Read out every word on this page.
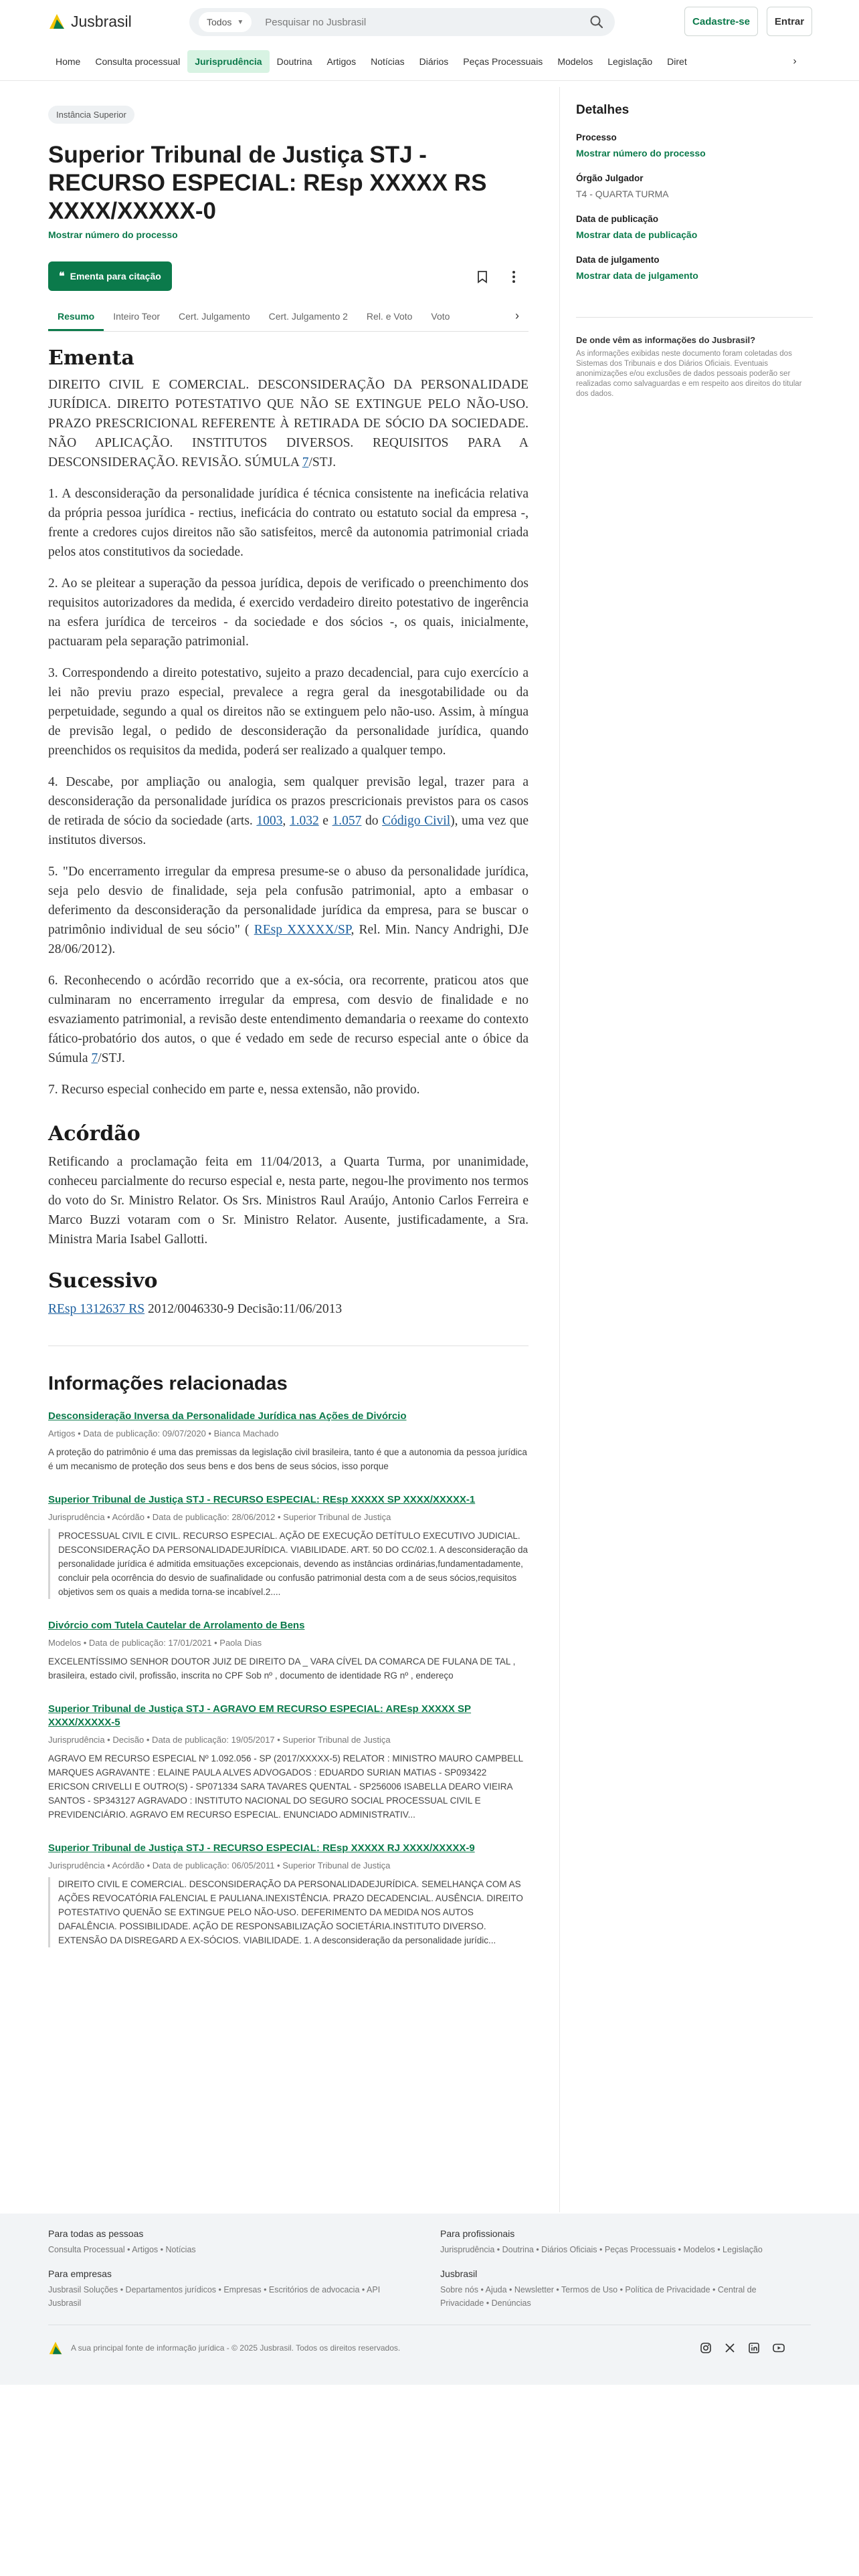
Jusbrasil	Todos ▼
Pesquisar no Jusbrasil	Cadastre-se	Entrar
Home	Consulta processual	Jurisprudência	Doutrina	Artigos	Notícias	Diários	Peças Processuais	Modelos	Legislação	Diret	›
Instância Superior
Superior Tribunal de Justiça STJ - RECURSO ESPECIAL: REsp XXXXX RS XXXX/XXXXX-0
Mostrar número do processo
❝ Ementa para citação
Resumo	Inteiro Teor	Cert. Julgamento	Cert. Julgamento 2	Rel. e Voto	Voto	›
Ementa

DIREITO CIVIL E COMERCIAL. DESCONSIDERAÇÃO DA PERSONALIDADE JURÍDICA. DIREITO POTESTATIVO QUE NÃO SE EXTINGUE PELO NÃO-USO. PRAZO PRESCRICIONAL REFERENTE À RETIRADA DE SÓCIO DA SOCIEDADE. NÃO APLICAÇÃO. INSTITUTOS DIVERSOS. REQUISITOS PARA A DESCONSIDERAÇÃO. REVISÃO. SÚMULA 7/STJ.

1. A desconsideração da personalidade jurídica é técnica consistente na ineficácia relativa da própria pessoa jurídica - rectius, ineficácia do contrato ou estatuto social da empresa -, frente a credores cujos direitos não são satisfeitos, mercê da autonomia patrimonial criada pelos atos constitutivos da sociedade.

2. Ao se pleitear a superação da pessoa jurídica, depois de verificado o preenchimento dos requisitos autorizadores da medida, é exercido verdadeiro direito potestativo de ingerência na esfera jurídica de terceiros - da sociedade e dos sócios -, os quais, inicialmente, pactuaram pela separação patrimonial.

3. Correspondendo a direito potestativo, sujeito a prazo decadencial, para cujo exercício a lei não previu prazo especial, prevalece a regra geral da inesgotabilidade ou da perpetuidade, segundo a qual os direitos não se extinguem pelo não-uso. Assim, à míngua de previsão legal, o pedido de desconsideração da personalidade jurídica, quando preenchidos os requisitos da medida, poderá ser realizado a qualquer tempo.

4. Descabe, por ampliação ou analogia, sem qualquer previsão legal, trazer para a desconsideração da personalidade jurídica os prazos prescricionais previstos para os casos de retirada de sócio da sociedade (arts. 1003, 1.032 e 1.057 do Código Civil), uma vez que institutos diversos.

5. "Do encerramento irregular da empresa presume-se o abuso da personalidade jurídica, seja pelo desvio de finalidade, seja pela confusão patrimonial, apto a embasar o deferimento da desconsideração da personalidade jurídica da empresa, para se buscar o patrimônio individual de seu sócio" ( REsp XXXXX/SP, Rel. Min. Nancy Andrighi, DJe 28/06/2012).

6. Reconhecendo o acórdão recorrido que a ex-sócia, ora recorrente, praticou atos que culminaram no encerramento irregular da empresa, com desvio de finalidade e no esvaziamento patrimonial, a revisão deste entendimento demandaria o reexame do contexto fático-probatório dos autos, o que é vedado em sede de recurso especial ante o óbice da Súmula 7/STJ.

7. Recurso especial conhecido em parte e, nessa extensão, não provido.

Acórdão

Retificando a proclamação feita em 11/04/2013, a Quarta Turma, por unanimidade, conheceu parcialmente do recurso especial e, nesta parte, negou-lhe provimento nos termos do voto do Sr. Ministro Relator. Os Srs. Ministros Raul Araújo, Antonio Carlos Ferreira e Marco Buzzi votaram com o Sr. Ministro Relator. Ausente, justificadamente, a Sra. Ministra Maria Isabel Gallotti.

Sucessivo

REsp 1312637 RS 2012/0046330-9 Decisão:11/06/2013

Informações relacionadas
Desconsideração Inversa da Personalidade Jurídica nas Ações de Divórcio
Artigos • Data de publicação: 09/07/2020 • Bianca Machado
A proteção do patrimônio é uma das premissas da legislação civil brasileira, tanto é que a autonomia da pessoa jurídica é um mecanismo de proteção dos seus bens e dos bens de seus sócios, isso porque
Superior Tribunal de Justiça STJ - RECURSO ESPECIAL: REsp XXXXX SP XXXX/XXXXX-1
Jurisprudência • Acórdão • Data de publicação: 28/06/2012 • Superior Tribunal de Justiça
PROCESSUAL CIVIL E CIVIL. RECURSO ESPECIAL. AÇÃO DE EXECUÇÃO DETÍTULO EXECUTIVO JUDICIAL. DESCONSIDERAÇÃO DA PERSONALIDADEJURÍDICA. VIABILIDADE. ART. 50 DO CC/02.1. A desconsideração da personalidade jurídica é admitida emsituações excepcionais, devendo as instâncias ordinárias,fundamentadamente, concluir pela ocorrência do desvio de suafinalidade ou confusão patrimonial desta com a de seus sócios,requisitos objetivos sem os quais a medida torna-se incabível.2....
Divórcio com Tutela Cautelar de Arrolamento de Bens
Modelos • Data de publicação: 17/01/2021 • Paola Dias
EXCELENTÍSSIMO SENHOR DOUTOR JUIZ DE DIREITO DA _ VARA CÍVEL DA COMARCA DE FULANA DE TAL , brasileira, estado civil, profissão, inscrita no CPF Sob nº , documento de identidade RG nº , endereço
Superior Tribunal de Justiça STJ - AGRAVO EM RECURSO ESPECIAL: AREsp XXXXX SP XXXX/XXXXX-5
Jurisprudência • Decisão • Data de publicação: 19/05/2017 • Superior Tribunal de Justiça
AGRAVO EM RECURSO ESPECIAL Nº 1.092.056 - SP (2017/XXXXX-5) RELATOR : MINISTRO MAURO CAMPBELL MARQUES AGRAVANTE : ELAINE PAULA ALVES ADVOGADOS : EDUARDO SURIAN MATIAS - SP093422 ERICSON CRIVELLI E OUTRO(S) - SP071334 SARA TAVARES QUENTAL - SP256006 ISABELLA DEARO VIEIRA SANTOS - SP343127 AGRAVADO : INSTITUTO NACIONAL DO SEGURO SOCIAL PROCESSUAL CIVIL E PREVIDENCIÁRIO. AGRAVO EM RECURSO ESPECIAL. ENUNCIADO ADMINISTRATIV...
Superior Tribunal de Justiça STJ - RECURSO ESPECIAL: REsp XXXXX RJ XXXX/XXXXX-9
Jurisprudência • Acórdão • Data de publicação: 06/05/2011 • Superior Tribunal de Justiça
DIREITO CIVIL E COMERCIAL. DESCONSIDERAÇÃO DA PERSONALIDADEJURÍDICA. SEMELHANÇA COM AS AÇÕES REVOCATÓRIA FALENCIAL E PAULIANA.INEXISTÊNCIA. PRAZO DECADENCIAL. AUSÊNCIA. DIREITO POTESTATIVO QUENÃO SE EXTINGUE PELO NÃO-USO. DEFERIMENTO DA MEDIDA NOS AUTOS DAFALÊNCIA. POSSIBILIDADE. AÇÃO DE RESPONSABILIZAÇÃO SOCIETÁRIA.INSTITUTO DIVERSO. EXTENSÃO DA DISREGARD A EX-SÓCIOS. VIABILIDADE. 1. A desconsideração da personalidade jurídic...
Detalhes
Processo
Mostrar número do processo
Órgão Julgador
T4 - QUARTA TURMA
Data de publicação
Mostrar data de publicação
Data de julgamento
Mostrar data de julgamento
De onde vêm as informações do Jusbrasil?
As informações exibidas neste documento foram coletadas dos Sistemas dos Tribunais e dos Diários Oficiais. Eventuais anonimizações e/ou exclusões de dados pessoais poderão ser realizadas como salvaguardas e em respeito aos direitos do titular dos dados.
Para todas as pessoas
Consulta Processual • Artigos • Notícias
Para empresas
Jusbrasil Soluções • Departamentos jurídicos • Empresas • Escritórios de advocacia • API Jusbrasil
Para profissionais
Jurisprudência • Doutrina • Diários Oficiais • Peças Processuais • Modelos • Legislação
Jusbrasil
Sobre nós • Ajuda • Newsletter • Termos de Uso • Política de Privacidade • Central de Privacidade • Denúncias
A sua principal fonte de informação jurídica - © 2025 Jusbrasil. Todos os direitos reservados.
